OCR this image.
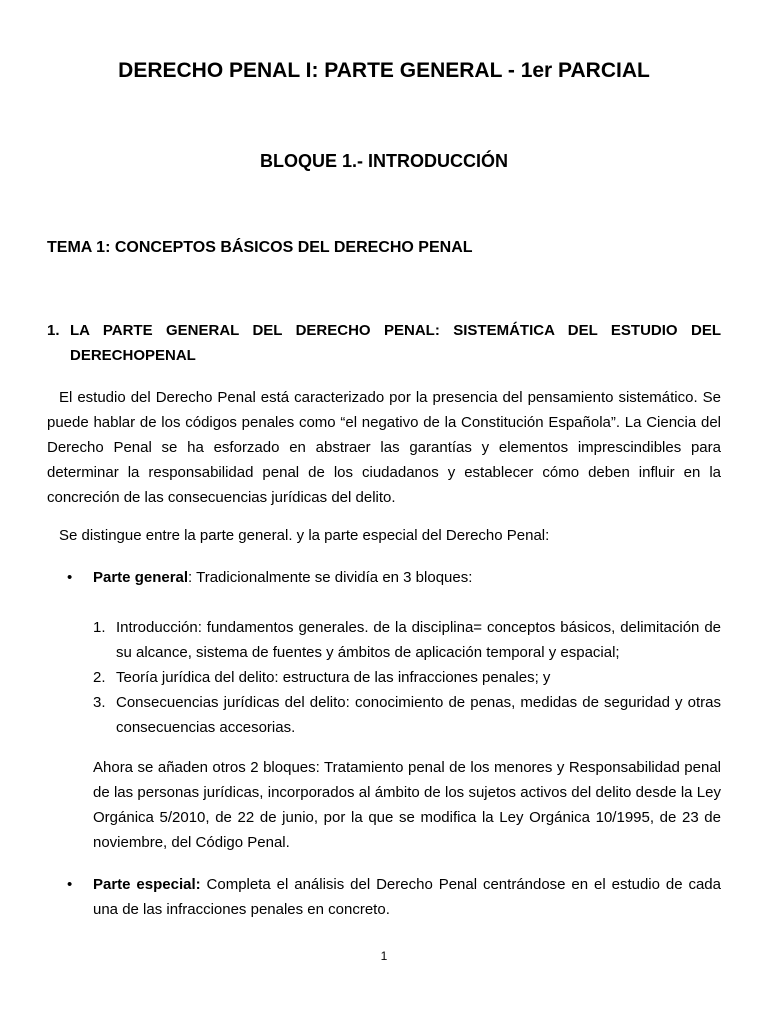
DERECHO PENAL I: PARTE GENERAL - 1er PARCIAL
BLOQUE 1.- INTRODUCCIÓN
TEMA 1: CONCEPTOS BÁSICOS DEL DERECHO PENAL
1. LA PARTE GENERAL DEL DERECHO PENAL: SISTEMÁTICA DEL ESTUDIO DEL DERECHOPENAL

El estudio del Derecho Penal está caracterizado por la presencia del pensamiento sistemático. Se puede hablar de los códigos penales como “el negativo de la Constitución Española”. La Ciencia del Derecho Penal se ha esforzado en abstraer las garantías y elementos imprescindibles para determinar la responsabilidad penal de los ciudadanos y establecer cómo deben influir en la concreción de las consecuencias jurídicas del delito.

Se distingue entre la parte general. y la parte especial del Derecho Penal:

•	Parte general: Tradicionalmente se dividía en 3 bloques:
1. Introducción: fundamentos generales. de la disciplina= conceptos básicos, delimitación de su alcance, sistema de fuentes y ámbitos de aplicación temporal y espacial;
2. Teoría jurídica del delito: estructura de las infracciones penales; y
3. Consecuencias jurídicas del delito: conocimiento de penas, medidas de seguridad y otras consecuencias accesorias.

Ahora se añaden otros 2 bloques: Tratamiento penal de los menores y Responsabilidad penal de las personas jurídicas, incorporados al ámbito de los sujetos activos del delito desde la Ley Orgánica 5/2010, de 22 de junio, por la que se modifica la Ley Orgánica 10/1995, de 23 de noviembre, del Código Penal.

•	Parte especial: Completa el análisis del Derecho Penal centrándose en el estudio de cada una de las infracciones penales en concreto.
1
